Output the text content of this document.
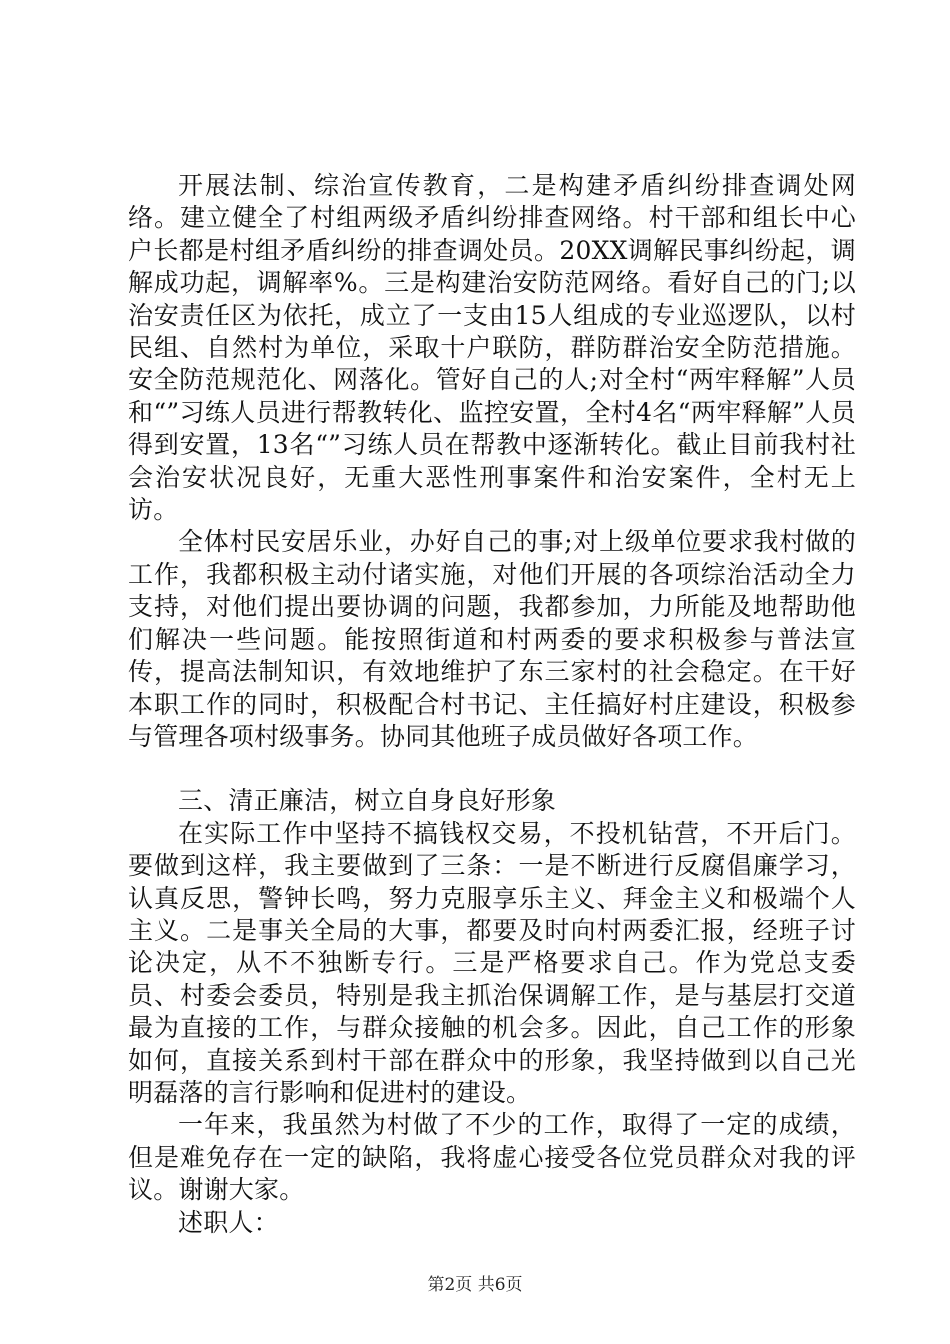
开展法制、综治宣传教育，二是构建矛盾纠纷排查调处网络。建立健全了村组两级矛盾纠纷排查网络。村干部和组长中心户长都是村组矛盾纠纷的排查调处员。20XX调解民事纠纷起，调解成功起，调解率%。三是构建治安防范网络。看好自己的门;以治安责任区为依托，成立了一支由15人组成的专业巡逻队，以村民组、自然村为单位，采取十户联防，群防群治安全防范措施。安全防范规范化、网落化。管好自己的人;对全村“两牢释解”人员和“”习练人员进行帮教转化、监控安置，全村4名“两牢释解”人员得到安置，13名“”习练人员在帮教中逐渐转化。截止目前我村社会治安状况良好，无重大恶性刑事案件和治安案件，全村无上访。

全体村民安居乐业，办好自己的事;对上级单位要求我村做的工作，我都积极主动付诸实施，对他们开展的各项综治活动全力支持，对他们提出要协调的问题，我都参加，力所能及地帮助他们解决一些问题。能按照街道和村两委的要求积极参与普法宣传，提高法制知识，有效地维护了东三家村的社会稳定。在干好本职工作的同时，积极配合村书记、主任搞好村庄建设，积极参与管理各项村级事务。协同其他班子成员做好各项工作。

三、清正廉洁，树立自身良好形象

在实际工作中坚持不搞钱权交易，不投机钻营，不开后门。要做到这样，我主要做到了三条：一是不断进行反腐倡廉学习，认真反思，警钟长鸣，努力克服享乐主义、拜金主义和极端个人主义。二是事关全局的大事，都要及时向村两委汇报，经班子讨论决定，从不不独断专行。三是严格要求自己。作为党总支委员、村委会委员，特别是我主抓治保调解工作，是与基层打交道最为直接的工作，与群众接触的机会多。因此，自己工作的形象如何，直接关系到村干部在群众中的形象，我坚持做到以自己光明磊落的言行影响和促进村的建设。

一年来，我虽然为村做了不少的工作，取得了一定的成绩，但是难免存在一定的缺陷，我将虚心接受各位党员群众对我的评议。谢谢大家。

述职人：

第2页 共6页
